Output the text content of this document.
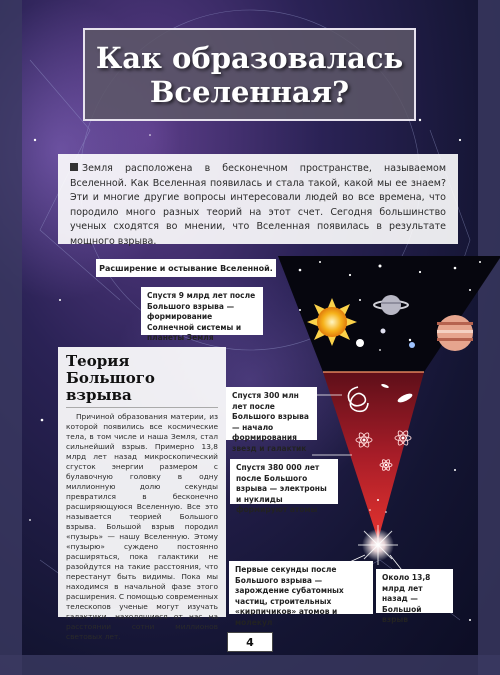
Как образовалась
Вселенная?
Земля расположена в бесконечном пространстве, называемом Вселенной. Как Вселенная появилась и стала такой, какой мы ее знаем? Эти и многие другие вопросы интересовали людей во все времена, что породило много разных теорий на этот счет. Сегодня большинство ученых сходятся во мнении, что Вселенная появилась в результате мощного взрыва.
Расширение и остывание Вселенной.
Спустя 9 млрд лет после Большого взрыва — формирование Солнечной системы и планеты Земля
Спустя 300 млн лет после Большого взрыва — начало формирования звезд и галактик
Спустя 380 000 лет после Большого взрыва — электроны и нуклиды формируют атомы
Первые секунды после Большого взрыва — зарождение субатомных частиц, строительных «кирпичиков» атомов и молекул
Около 13,8 млрд лет назад — Большой взрыв
Теория Большого взрыва

Причиной образования материи, из которой появились все космические тела, в том числе и наша Земля, стал сильнейший взрыв. Примерно 13,8 млрд лет назад микроскопический сгусток энергии размером с булавочную головку в одну миллионную долю секунды превратился в бесконечно расширяющуюся Вселенную. Все это называется теорией Большого взрыва. Большой взрыв породил «пузырь» — нашу Вселенную. Этому «пузырю» суждено постоянно расширяться, пока галактики не разойдутся на такие расстояния, что перестанут быть видимы. Пока мы находимся в начальной фазе этого расширения. С помощью современных телескопов ученые могут изучать галактики, находящиеся от нас на расстоянии сотни миллионов световых лет.	4
